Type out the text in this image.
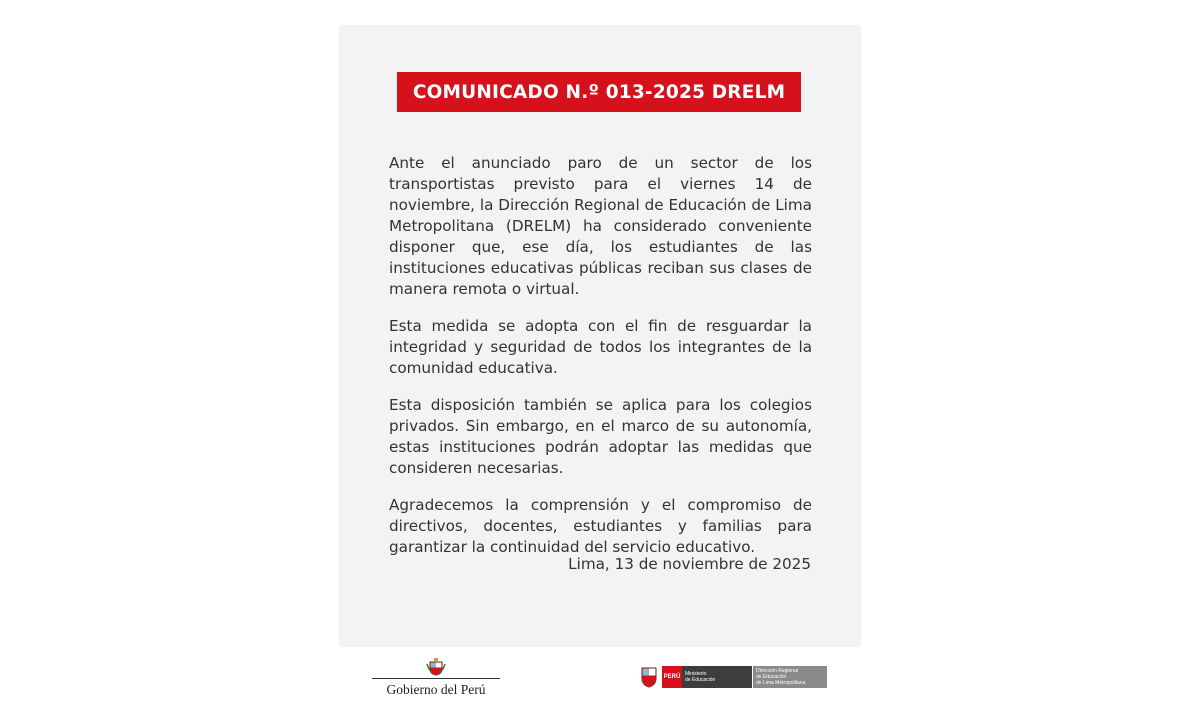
COMUNICADO N.º 013-2025 DRELM

Ante el anunciado paro de un sector de los transportistas previsto para el viernes 14 de noviembre, la Dirección Regional de Educación de Lima Metropolitana (DRELM) ha considerado conveniente disponer que, ese día, los estudiantes de las instituciones educativas públicas reciban sus clases de manera remota o virtual.

Esta medida se adopta con el fin de resguardar la integridad y seguridad de todos los integrantes de la comunidad educativa.

Esta disposición también se aplica para los colegios privados. Sin embargo, en el marco de su autonomía, estas instituciones podrán adoptar las medidas que consideren necesarias.

Agradecemos la comprensión y el compromiso de directivos, docentes, estudiantes y familias para garantizar la continuidad del servicio educativo.

Lima, 13 de noviembre de 2025
Gobierno del Perú
PERÚ Ministerio
de Educación
Dirección Regional
de Educación
de Lima Metropolitana
